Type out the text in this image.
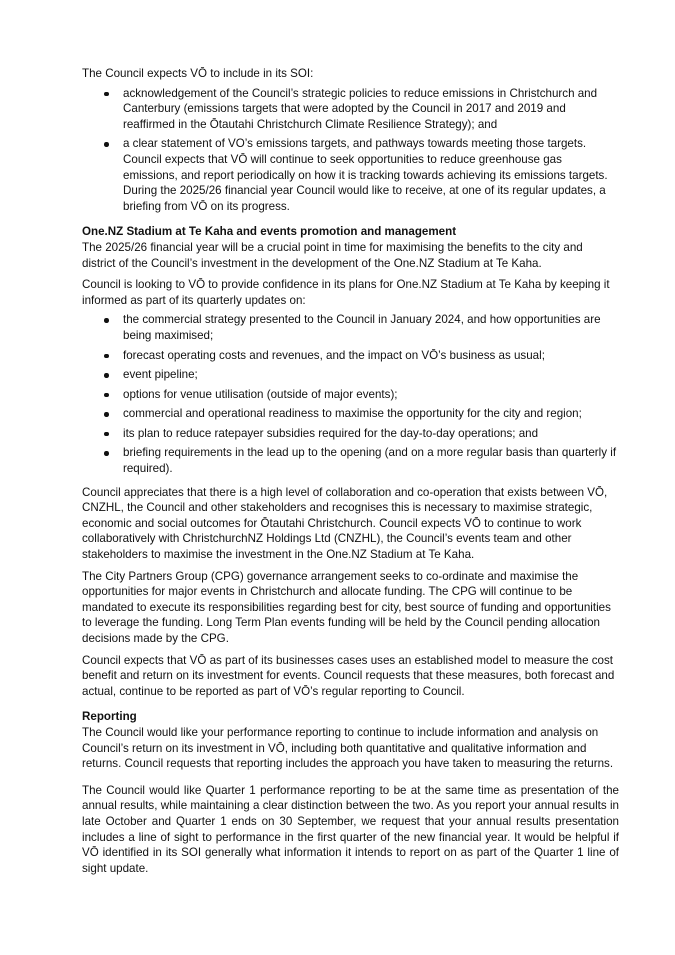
The Council expects VŌ to include in its SOI:

acknowledgement of the Council’s strategic policies to reduce emissions in Christchurch and Canterbury (emissions targets that were adopted by the Council in 2017 and 2019 and reaffirmed in the Ōtautahi Christchurch Climate Resilience Strategy); and
a clear statement of VO’s emissions targets, and pathways towards meeting those targets. Council expects that VŌ will continue to seek opportunities to reduce greenhouse gas emissions, and report periodically on how it is tracking towards achieving its emissions targets. During the 2025/26 financial year Council would like to receive, at one of its regular updates, a briefing from VŌ on its progress.

One.NZ Stadium at Te Kaha and events promotion and management

The 2025/26 financial year will be a crucial point in time for maximising the benefits to the city and district of the Council’s investment in the development of the One.NZ Stadium at Te Kaha.

Council is looking to VŌ to provide confidence in its plans for One.NZ Stadium at Te Kaha by keeping it informed as part of its quarterly updates on:

the commercial strategy presented to the Council in January 2024, and how opportunities are being maximised;
forecast operating costs and revenues, and the impact on VŌ’s business as usual;
event pipeline;
options for venue utilisation (outside of major events);
commercial and operational readiness to maximise the opportunity for the city and region;
its plan to reduce ratepayer subsidies required for the day-to-day operations; and
briefing requirements in the lead up to the opening (and on a more regular basis than quarterly if required).

Council appreciates that there is a high level of collaboration and co-operation that exists between VŌ, CNZHL, the Council and other stakeholders and recognises this is necessary to maximise strategic, economic and social outcomes for Ōtautahi Christchurch. Council expects VŌ to continue to work collaboratively with ChristchurchNZ Holdings Ltd (CNZHL), the Council’s events team and other stakeholders to maximise the investment in the One.NZ Stadium at Te Kaha.

The City Partners Group (CPG) governance arrangement seeks to co-ordinate and maximise the opportunities for major events in Christchurch and allocate funding. The CPG will continue to be mandated to execute its responsibilities regarding best for city, best source of funding and opportunities to leverage the funding. Long Term Plan events funding will be held by the Council pending allocation decisions made by the CPG.

Council expects that VŌ as part of its businesses cases uses an established model to measure the cost benefit and return on its investment for events. Council requests that these measures, both forecast and actual, continue to be reported as part of VŌ’s regular reporting to Council.

Reporting

The Council would like your performance reporting to continue to include information and analysis on Council’s return on its investment in VŌ, including both quantitative and qualitative information and returns. Council requests that reporting includes the approach you have taken to measuring the returns.

The Council would like Quarter 1 performance reporting to be at the same time as presentation of the annual results, while maintaining a clear distinction between the two. As you report your annual results in late October and Quarter 1 ends on 30 September, we request that your annual results presentation includes a line of sight to performance in the first quarter of the new financial year. It would be helpful if VŌ identified in its SOI generally what information it intends to report on as part of the Quarter 1 line of sight update.
